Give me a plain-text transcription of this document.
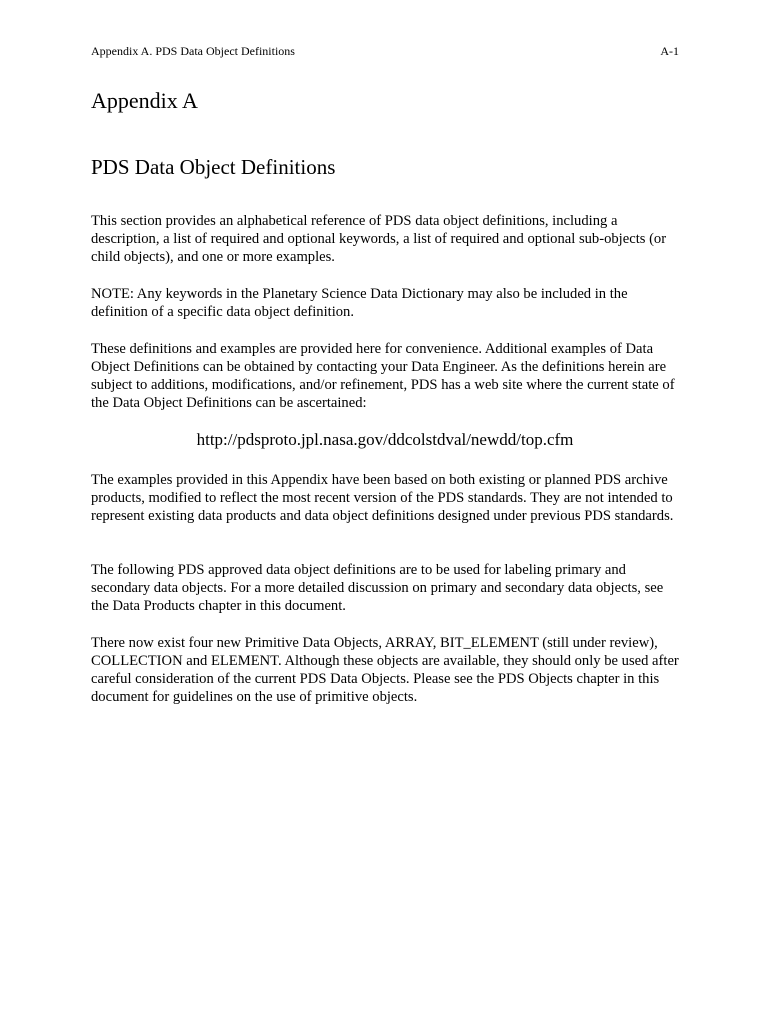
Appendix A. PDS Data Object Definitions	A-1
Appendix A
PDS Data Object Definitions

This section provides an alphabetical reference of PDS data object definitions, including a description, a list of required and optional keywords, a list of required and optional sub-objects (or child objects), and one or more examples.

NOTE: Any keywords in the Planetary Science Data Dictionary may also be included in the definition of a specific data object definition.

These definitions and examples are provided here for convenience. Additional examples of Data Object Definitions can be obtained by contacting your Data Engineer. As the definitions herein are subject to additions, modifications, and/or refinement, PDS has a web site where the current state of the Data Object Definitions can be ascertained:

http://pdsproto.jpl.nasa.gov/ddcolstdval/newdd/top.cfm

The examples provided in this Appendix have been based on both existing or planned PDS archive products, modified to reflect the most recent version of the PDS standards. They are not intended to represent existing data products and data object definitions designed under previous PDS standards.

The following PDS approved data object definitions are to be used for labeling primary and secondary data objects. For a more detailed discussion on primary and secondary data objects, see the Data Products chapter in this document.

There now exist four new Primitive Data Objects, ARRAY, BIT_ELEMENT (still under review), COLLECTION and ELEMENT. Although these objects are available, they should only be used after careful consideration of the current PDS Data Objects. Please see the PDS Objects chapter in this document for guidelines on the use of primitive objects.
